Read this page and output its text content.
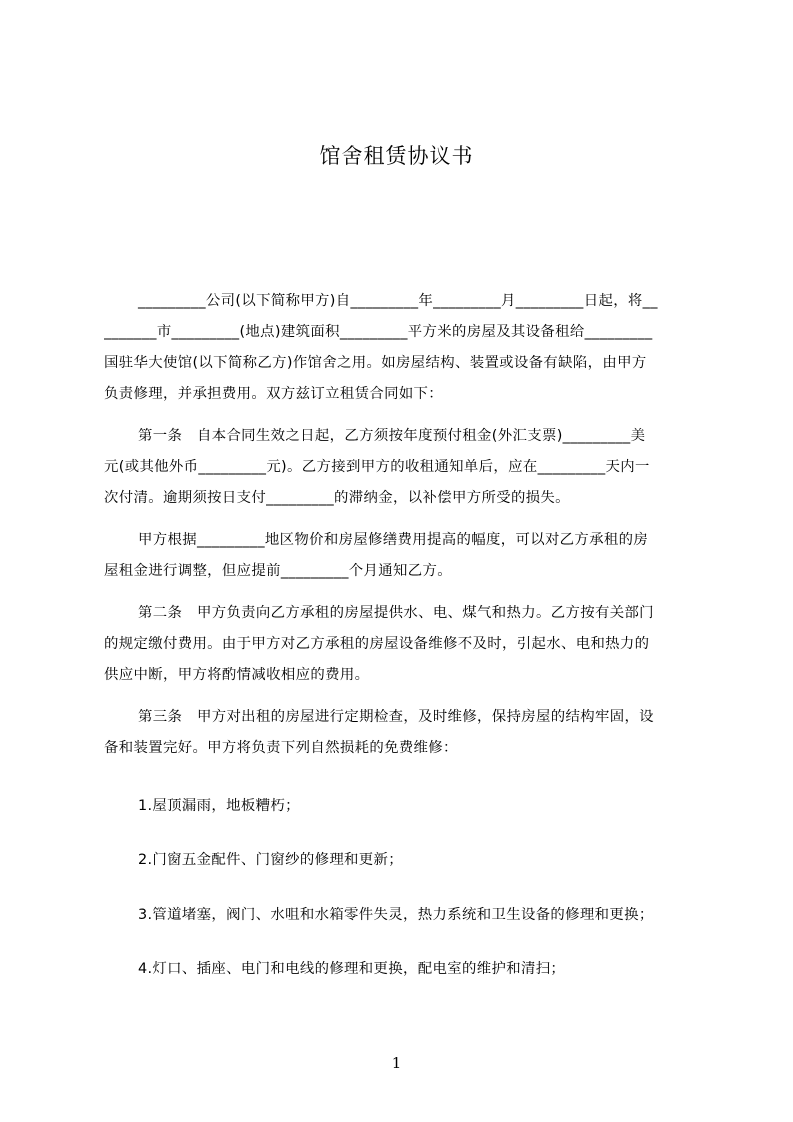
馆舍租赁协议书

_________公司(以下简称甲方)自_________年_________月_________日起，将__

_______市_________(地点)建筑面积_________平方米的房屋及其设备租给_________

国驻华大使馆(以下简称乙方)作馆舍之用。如房屋结构、装置或设备有缺陷，由甲方

负责修理，并承担费用。双方兹订立租赁合同如下：

第一条　自本合同生效之日起，乙方须按年度预付租金(外汇支票)_________美

元(或其他外币_________元)。乙方接到甲方的收租通知单后，应在_________天内一

次付清。逾期须按日支付_________的滞纳金，以补偿甲方所受的损失。

甲方根据_________地区物价和房屋修缮费用提高的幅度，可以对乙方承租的房

屋租金进行调整，但应提前_________个月通知乙方。

第二条　甲方负责向乙方承租的房屋提供水、电、煤气和热力。乙方按有关部门

的规定缴付费用。由于甲方对乙方承租的房屋设备维修不及时，引起水、电和热力的

供应中断，甲方将酌情减收相应的费用。

第三条　甲方对出租的房屋进行定期检查，及时维修，保持房屋的结构牢固，设

备和装置完好。甲方将负责下列自然损耗的免费维修：

1.屋顶漏雨，地板糟朽；

2.门窗五金配件、门窗纱的修理和更新；

3.管道堵塞，阀门、水咀和水箱零件失灵，热力系统和卫生设备的修理和更换；

4.灯口、插座、电门和电线的修理和更换，配电室的维护和清扫；

1
